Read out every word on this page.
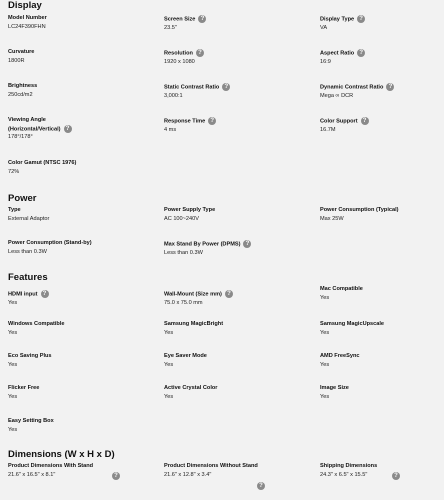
Display
Model Number
LC24F390FHN
Screen Size ?
23.5"
Display Type ?
VA
Curvature
1800R
Resolution ?
1920 x 1080
Aspect Ratio ?
16:9
Brightness
250cd/m2
Static Contrast Ratio ?
3,000:1
Dynamic Contrast Ratio ?
Mega ∞ DCR
Viewing Angle (Horizontal/Vertical) ?
178°/178°
Response Time ?
4 ms
Color Support ?
16.7M
Color Gamut (NTSC 1976)
72%
Power
Type
External Adaptor
Power Supply Type
AC 100~240V
Power Consumption (Typical)
Max 25W
Power Consumption (Stand-by)
Less than 0.3W
Max Stand By Power (DPMS) ?
Less than 0.3W
Features
HDMI input ?
Yes
Wall-Mount (Size mm) ?
75.0 x 75.0 mm
Mac Compatible
Yes
Windows Compatible
Yes
Samsung MagicBright
Yes
Samsung MagicUpscale
Yes
Eco Saving Plus
Yes
Eye Saver Mode
Yes
AMD FreeSync
Yes
Flicker Free
Yes
Active Crystal Color
Yes
Image Size
Yes
Easy Setting Box
Yes
Dimensions (W x H x D)
Product Dimensions With Stand
21.6" x 16.5" x 8.1"	?
Product Dimensions Without Stand
21.6" x 12.8" x 3.4"
?
Shipping Dimensions
24.3" x 6.5" x 15.5"	?
